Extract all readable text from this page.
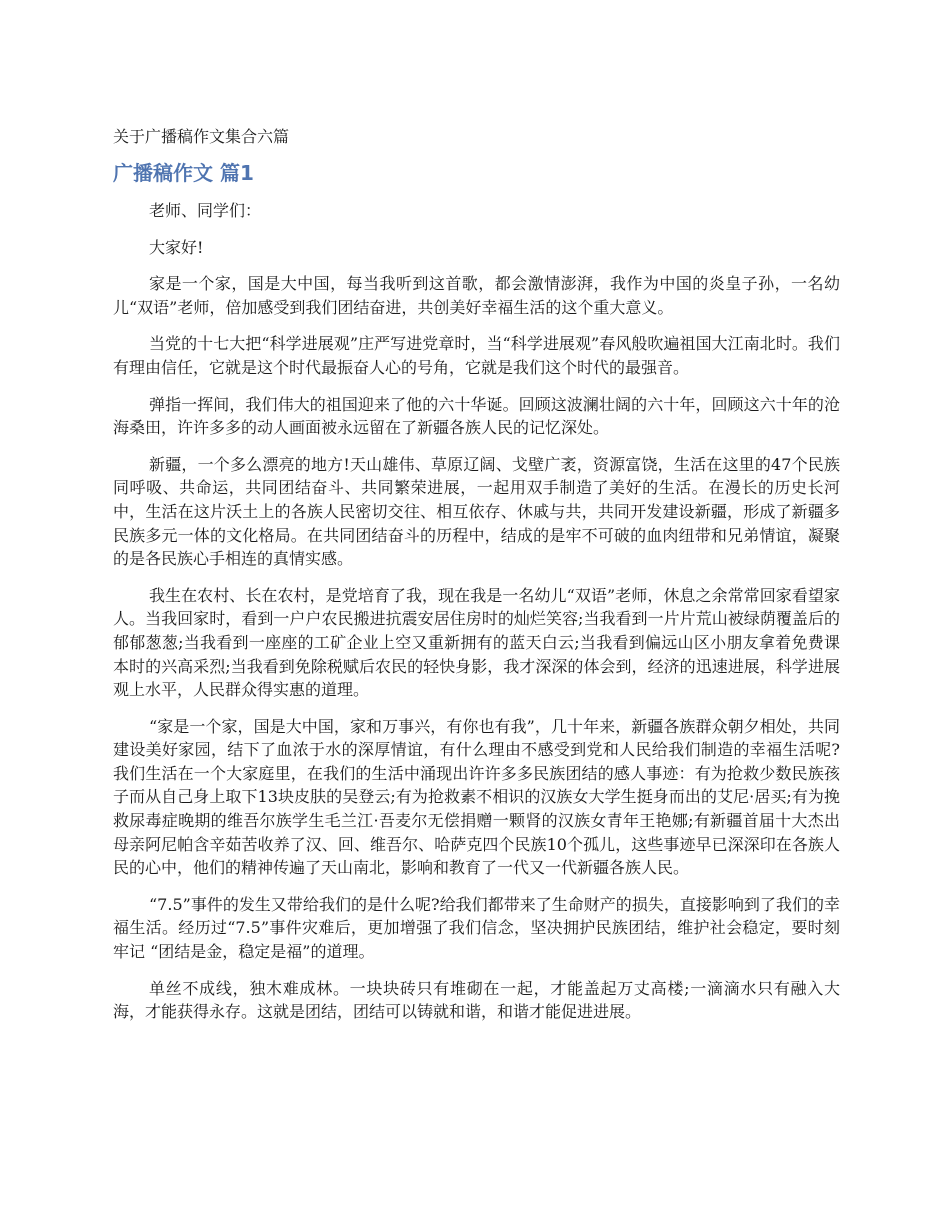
关于广播稿作文集合六篇
广播稿作文 篇1

老师、同学们：

大家好!

家是一个家，国是大中国，每当我听到这首歌，都会激情澎湃，我作为中国的炎皇子孙，一名幼儿“双语”老师，倍加感受到我们团结奋进，共创美好幸福生活的这个重大意义。

当党的十七大把“科学进展观”庄严写进党章时，当“科学进展观”春风般吹遍祖国大江南北时。我们有理由信任，它就是这个时代最振奋人心的号角，它就是我们这个时代的最强音。

弹指一挥间，我们伟大的祖国迎来了他的六十华诞。回顾这波澜壮阔的六十年，回顾这六十年的沧海桑田，许许多多的动人画面被永远留在了新疆各族人民的记忆深处。

新疆，一个多么漂亮的地方!天山雄伟、草原辽阔、戈壁广袤，资源富饶，生活在这里的47个民族同呼吸、共命运，共同团结奋斗、共同繁荣进展，一起用双手制造了美好的生活。在漫长的历史长河中，生活在这片沃土上的各族人民密切交往、相互依存、休戚与共，共同开发建设新疆，形成了新疆多民族多元一体的文化格局。在共同团结奋斗的历程中，结成的是牢不可破的血肉纽带和兄弟情谊，凝聚的是各民族心手相连的真情实感。

我生在农村、长在农村，是党培育了我，现在我是一名幼儿“双语”老师，休息之余常常回家看望家人。当我回家时，看到一户户农民搬进抗震安居住房时的灿烂笑容;当我看到一片片荒山被绿荫覆盖后的郁郁葱葱;当我看到一座座的工矿企业上空又重新拥有的蓝天白云;当我看到偏远山区小朋友拿着免费课本时的兴高采烈;当我看到免除税赋后农民的轻快身影，我才深深的体会到，经济的迅速进展，科学进展观上水平，人民群众得实惠的道理。

“家是一个家，国是大中国，家和万事兴，有你也有我”，几十年来，新疆各族群众朝夕相处，共同建设美好家园，结下了血浓于水的深厚情谊，有什么理由不感受到党和人民给我们制造的幸福生活呢?我们生活在一个大家庭里，在我们的生活中涌现出许许多多民族团结的感人事迹：有为抢救少数民族孩子而从自己身上取下13块皮肤的吴登云;有为抢救素不相识的汉族女大学生挺身而出的艾尼·居买;有为挽救尿毒症晚期的维吾尔族学生毛兰江·吾麦尔无偿捐赠一颗肾的汉族女青年王艳娜;有新疆首届十大杰出母亲阿尼帕含辛茹苦收养了汉、回、维吾尔、哈萨克四个民族10个孤儿，这些事迹早已深深印在各族人民的心中，他们的精神传遍了天山南北，影响和教育了一代又一代新疆各族人民。

“7.5”事件的发生又带给我们的是什么呢?给我们都带来了生命财产的损失，直接影响到了我们的幸福生活。经历过“7.5”事件灾难后，更加增强了我们信念，坚决拥护民族团结，维护社会稳定，要时刻牢记 “团结是金，稳定是福”的道理。

单丝不成线，独木难成林。一块块砖只有堆砌在一起，才能盖起万丈高楼;一滴滴水只有融入大海，才能获得永存。这就是团结，团结可以铸就和谐，和谐才能促进进展。
